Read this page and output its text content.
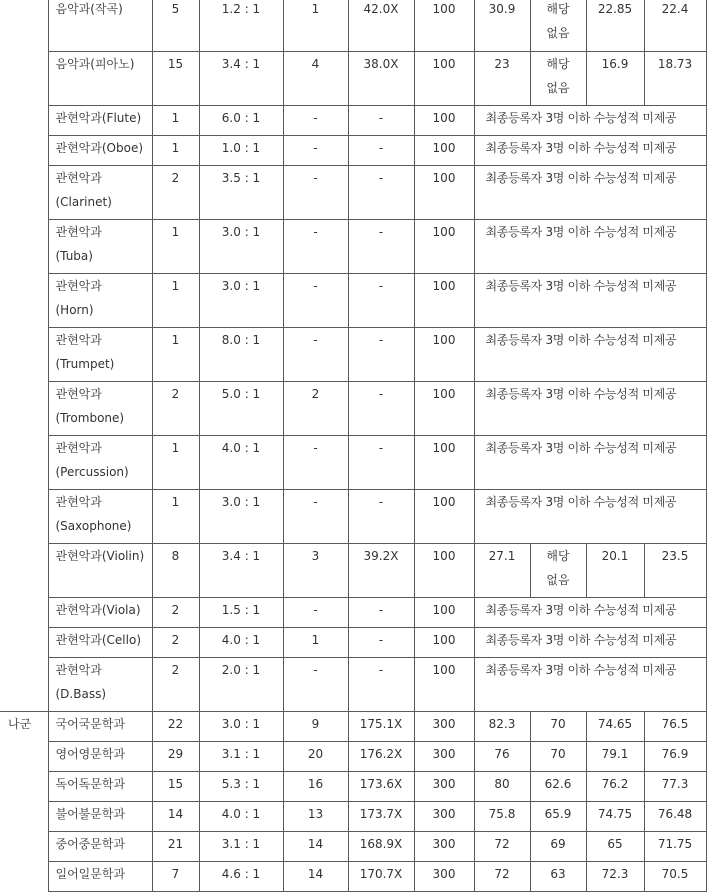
	음악과(작곡)	5	1.2 : 1	1	42.0X	100	30.9	해당
없음	22.85	22.4

	음악과(피아노)	15	3.4 : 1	4	38.0X	100	23	해당
없음	16.9	18.73

	관현악과(Flute)	1	6.0 : 1	-	-	100	최종등록자 3명 이하 수능성적 미제공			

	관현악과(Oboe)	1	1.0 : 1	-	-	100	최종등록자 3명 이하 수능성적 미제공			

	관현악과
(Clarinet)	2	3.5 : 1	-	-	100	최종등록자 3명 이하 수능성적 미제공			

	관현악과
(Tuba)	1	3.0 : 1	-	-	100	최종등록자 3명 이하 수능성적 미제공			

	관현악과
(Horn)	1	3.0 : 1	-	-	100	최종등록자 3명 이하 수능성적 미제공			

	관현악과
(Trumpet)	1	8.0 : 1	-	-	100	최종등록자 3명 이하 수능성적 미제공			

	관현악과
(Trombone)	2	5.0 : 1	2	-	100	최종등록자 3명 이하 수능성적 미제공			

	관현악과
(Percussion)	1	4.0 : 1	-	-	100	최종등록자 3명 이하 수능성적 미제공			

	관현악과
(Saxophone)	1	3.0 : 1	-	-	100	최종등록자 3명 이하 수능성적 미제공			

	관현악과(Violin)	8	3.4 : 1	3	39.2X	100	27.1	해당
없음	20.1	23.5

	관현악과(Viola)	2	1.5 : 1	-	-	100	최종등록자 3명 이하 수능성적 미제공			

	관현악과(Cello)	2	4.0 : 1	1	-	100	최종등록자 3명 이하 수능성적 미제공			

	관현악과
(D.Bass)	2	2.0 : 1	-	-	100	최종등록자 3명 이하 수능성적 미제공			

나군	국어국문학과	22	3.0 : 1	9	175.1X	300	82.3	70	74.65	76.5

	영어영문학과	29	3.1 : 1	20	176.2X	300	76	70	79.1	76.9

	독어독문학과	15	5.3 : 1	16	173.6X	300	80	62.6	76.2	77.3

	불어불문학과	14	4.0 : 1	13	173.7X	300	75.8	65.9	74.75	76.48

	중어중문학과	21	3.1 : 1	14	168.9X	300	72	69	65	71.75

	일어일문학과	7	4.6 : 1	14	170.7X	300	72	63	72.3	70.5
